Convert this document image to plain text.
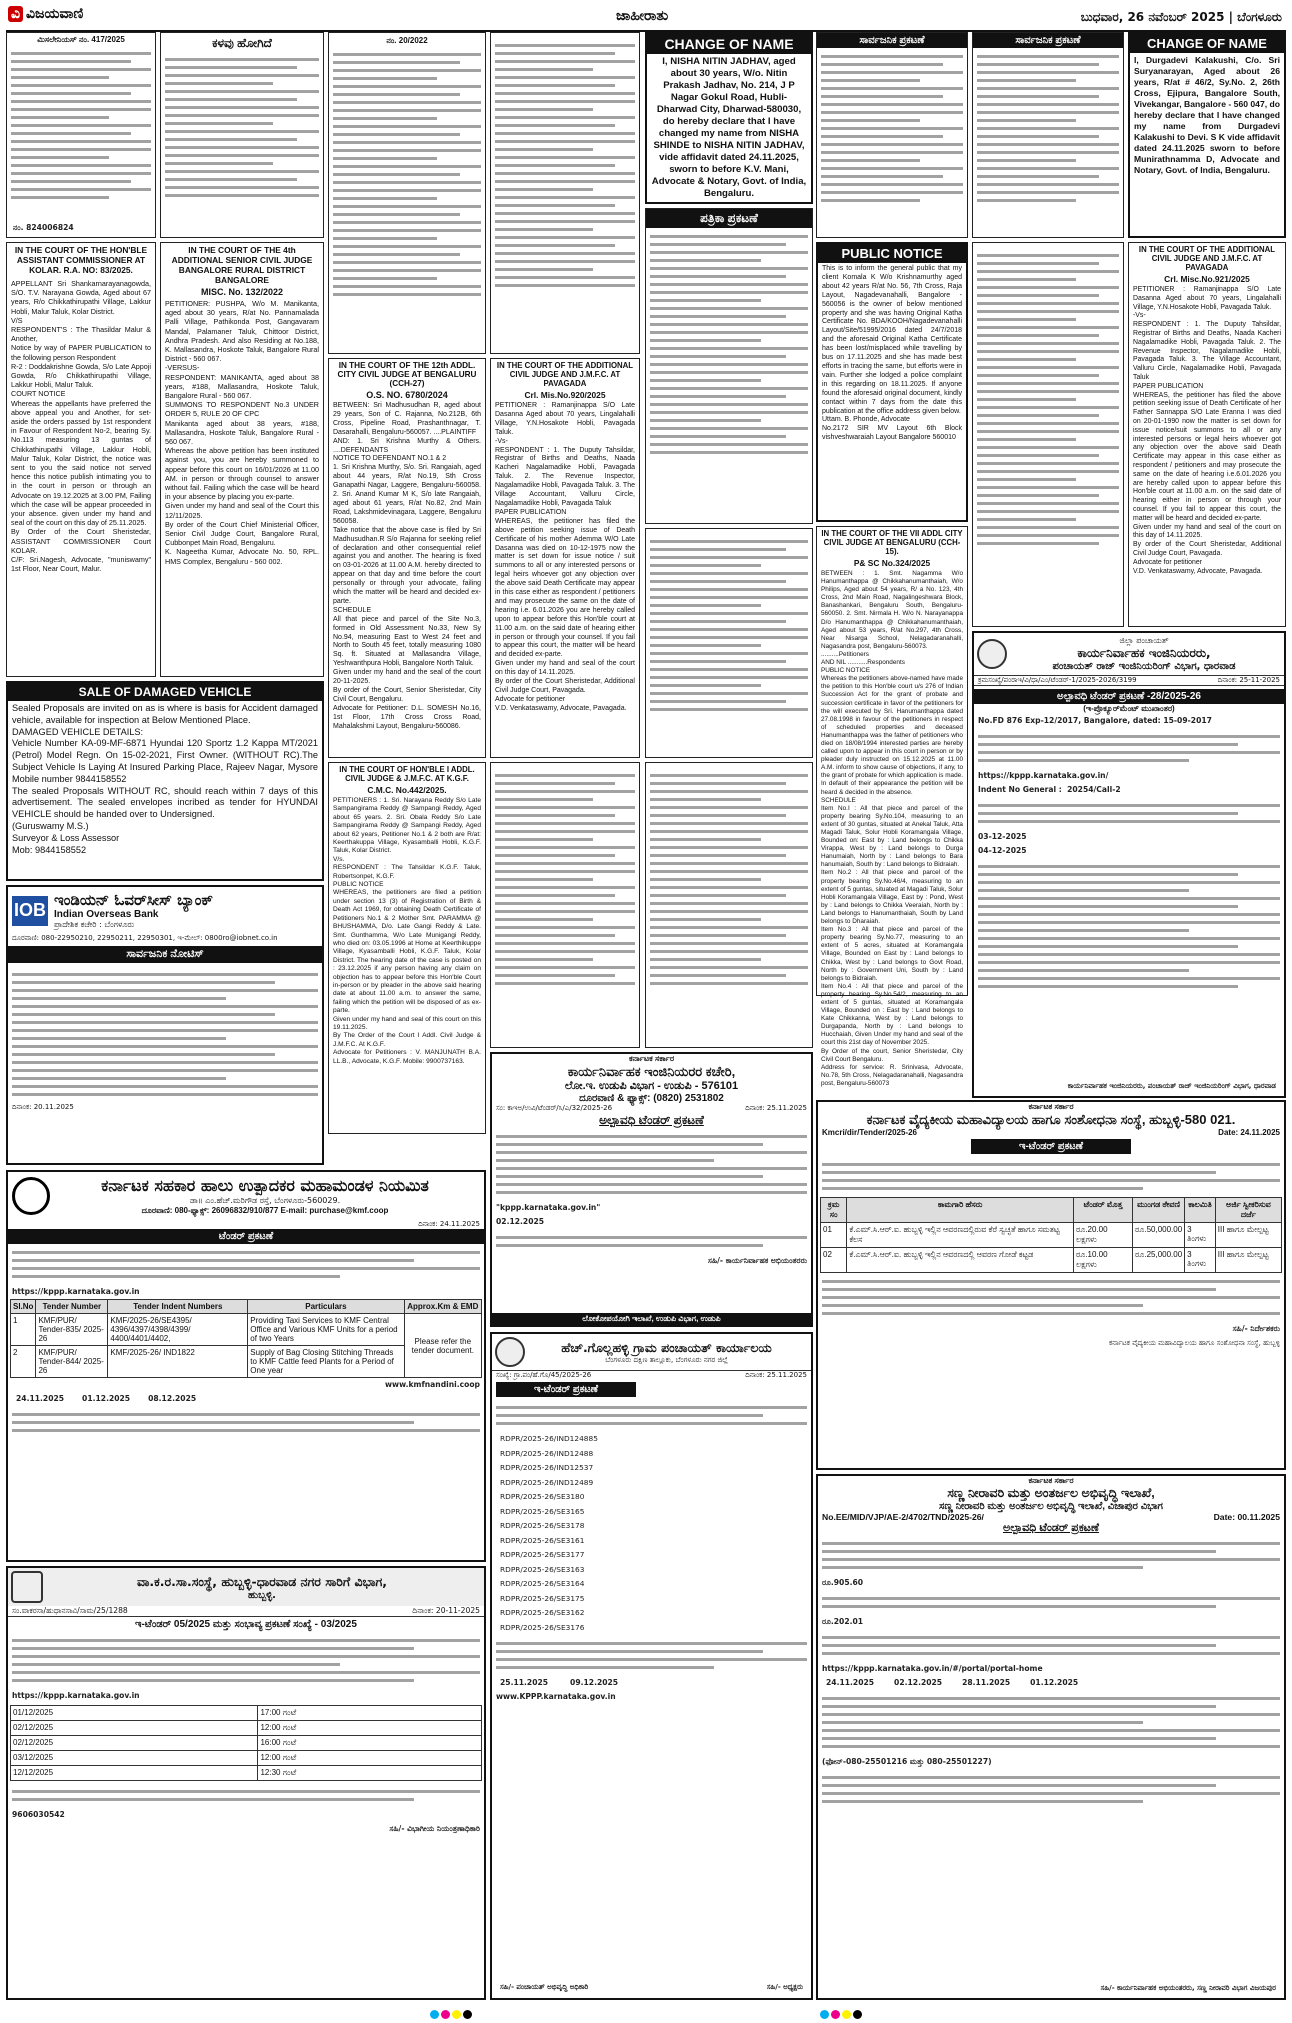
ವಿ ವಿಜಯವಾಣಿ	ಜಾಹೀರಾತು	ಬುಧವಾರ, 26 ನವೆಂಬರ್ 2025 | ಬೆಂಗಳೂರು
ಮಿಸಲೇನಿಯಸ್ ನಂ. 417/2025
ನಂ. 824006824
ಕಳವು ಹೋಗಿದೆ	ನಂ. 20/2022	CHANGE OF NAME
I, NISHA NITIN JADHAV, aged about 30 years, W/o. Nitin Prakash Jadhav, No. 214, J P Nagar Gokul Road, Hubli-Dharwad City, Dharwad-580030, do hereby declare that I have changed my name from NISHA SHINDE to NISHA NITIN JADHAV, vide affidavit dated 24.11.2025, sworn to before K.V. Mani, Advocate & Notary, Govt. of India, Bengaluru.
ಸಾರ್ವಜನಿಕ ಪ್ರಕಟಣೆ	ಸಾರ್ವಜನಿಕ ಪ್ರಕಟಣೆ	CHANGE OF NAME
I, Durgadevi Kalakushi, C/o. Sri Suryanarayan, Aged about 26 years, R/at # 46/2, Sy.No. 2, 26th Cross, Ejipura, Bangalore South, Vivekangar, Bangalore - 560 047, do hereby declare that I have changed my name from Durgadevi Kalakushi to Devi. S K vide affidavit dated 24.11.2025 sworn to before Munirathnamma D, Advocate and Notary, Govt. of India, Bengaluru.
IN THE COURT OF THE HON'BLE ASSISTANT COMMISSIONER AT KOLAR. R.A. NO: 83/2025.
APPELLANT Sri Shankarnarayanagowda, S/O. T.V. Narayana Gowda, Aged about 67 years, R/o Chikkathirupathi Village, Lakkur Hobli, Malur Taluk, Kolar District.
V/S
RESPONDENT'S : The Thasildar Malur & Another,
Notice by way of PAPER PUBLICATION to the following person Respondent
R-2 : Doddakrishne Gowda, S/o Late Appoji Gowda, R/o Chikkathirupathi Village, Lakkur Hobli, Malur Taluk.
COURT NOTICE
Whereas the appellants have preferred the above appeal you and Another, for set-aside the orders passed by 1st respondent in Favour of Respondent No-2, bearing Sy. No.113 measuring 13 guntas of Chikkathirupathi Village, Lakkur Hobli, Malur Taluk, Kolar District, the notice was sent to you the said notice not served hence this notice publish intimating you to in the court in person or through an Advocate on 19.12.2025 at 3.00 PM, Failing which the case will be appear proceeded in your absence. given under my hand and seal of the court on this day of 25.11.2025.
By Order of the Court Sheristedar, ASSISTANT COMMISSIONER Court KOLAR.
C/F: Sri.Nagesh, Advocate, "muniswamy" 1st Floor, Near Court, Malur.
IN THE COURT OF THE 4th ADDITIONAL SENIOR CIVIL JUDGE BANGALORE RURAL DISTRICT BANGALORE
MISC. No. 132/2022
PETITIONER: PUSHPA, W/o M. Manikanta, aged about 30 years, R/at No. Pannamalada Palli Village, Pathikonda Post, Gangavaram Mandal, Palamaner Taluk, Chittoor District, Andhra Pradesh. And also Residing at No.188, K. Mallasandra, Hoskote Taluk, Bangalore Rural District - 560 067.
-VERSUS-
RESPONDENT: MANIKANTA, aged about 38 years, #188, Mallasandra, Hoskote Taluk, Bangalore Rural - 560 067.
SUMMONS TO RESPONDENT No.3 UNDER ORDER 5, RULE 20 OF CPC
Manikanta aged about 38 years, #188, Mallasandra, Hoskote Taluk, Bangalore Rural - 560 067.
Whereas the above petition has been instituted against you, you are hereby summoned to appear before this court on 16/01/2026 at 11.00 AM. in person or through counsel to answer without fail. Failing which the case will be heard in your absence by placing you ex-parte.
Given under my hand and seal of the Court this 12/11/2025.
By order of the Court Chief Ministerial Officer, Senior Civil Judge Court, Bangalore Rural, Cubbonpet Main Road, Bengaluru.
K. Nageetha Kumar, Advocate No. 50, RPL. HMS Complex, Bengaluru - 560 002.
IN THE COURT OF THE 12th ADDL. CITY CIVIL JUDGE AT BENGALURU (CCH-27)
O.S. NO. 6780/2024
BETWEEN: Sri Madhusudhan R, aged about 29 years, Son of C. Rajanna, No.212B, 6th Cross, Pipeline Road, Prashanthnagar, T. Dasarahalli, Bengaluru-560057. ....PLAINTIFF
AND: 1. Sri Krishna Murthy & Others. ....DEFENDANTS
NOTICE TO DEFENDANT NO.1 & 2
1. Sri Krishna Murthy, S/o. Sri. Rangaiah, aged about 44 years, R/at No.19, Sth Cross Ganapathi Nagar, Laggere, Bengaluru-560058. 2. Sri. Anand Kumar M K, S/o late Rangaiah, aged about 61 years, R/at No.82, 2nd Main Road, Lakshmidevinagara, Laggere, Bengaluru 560058.
Take notice that the above case is filed by Sri Madhusudhan.R S/o Rajanna for seeking relief of declaration and other consequential relief against you and another. The hearing is fixed on 03-01-2026 at 11.00 A.M. hereby directed to appear on that day and time before the court personally or through your advocate, failing which the matter will be heard and decided ex-parte.
SCHEDULE
All that piece and parcel of the Site No.3, formed in Old Assessment No.33, New Sy No.94, measuring East to West 24 feet and North to South 45 feet, totally measuring 1080 Sq. ft. Situated at Mallasandra Village, Yeshwanthpura Hobli, Bangalore North Taluk.
Given under my hand and the seal of the court 20-11-2025.
By order of the Court, Senior Sheristedar, City Civil Court, Bengaluru.
Advocate for Petitioner: D.L. SOMESH No.16, 1st Floor, 17th Cross Cross Road, Mahalakshmi Layout, Bengaluru-560086.
IN THE COURT OF THE ADDITIONAL CIVIL JUDGE AND J.M.F.C. AT PAVAGADA
Crl. Mis.No.920/2025
PETITIONER : Ramanjinappa S/O Late Dasanna Aged about 70 years, Lingalahalli Village, Y.N.Hosakote Hobli, Pavagada Taluk.
-Vs-
RESPONDENT : 1. The Duputy Tahsildar, Registrar of Births and Deaths, Naada Kacheri Nagalamadike Hobli, Pavagada Taluk. 2. The Revenue Inspector, Nagalamadike Hobli, Pavagada Taluk. 3. The Village Accountant, Valluru Circle, Nagalamadike Hobli, Pavagada Taluk
PAPER PUBLICATION
WHEREAS, the petitioner has filed the above petition seeking issue of Death Certificate of his mother Ademma W/O Late Dasanna was died on 10-12-1975 now the matter is set down for issue notice / suit summons to all or any interested persons or legal heirs whoever got any objection over the above said Death Certificate may appear in this case either as respondent / petitioners and may prosecute the same on the date of hearing i.e. 6.01.2026 you are hereby called upon to appear before this Hon'ble court at 11.00 a.m. on the said date of hearing either in person or through your counsel. If you fail to appear this court, the matter will be heard and decided ex-parte.
Given under my hand and seal of the court on this day of 14.11.2025.
By order of the Court Sheristedar, Additional Civil Judge Court, Pavagada.
Advocate for petitioner
V.D. Venkataswamy, Advocate, Pavagada.
ಪತ್ರಿಕಾ ಪ್ರಕಟಣೆ
PUBLIC NOTICE
This is to inform the general public that my client Komala K W/o Krishnamurthy aged about 42 years R/at No. 56, 7th Cross, Raja Layout, Nagadevanahalli, Bangalore - 560056 is the owner of below mentioned property and she was having Original Katha Certificate No. BDA/KOOH/Nagadevanahalli Layout/Site/51995/2016 dated 24/7/2018 and the aforesaid Original Katha Certificate has been lost/misplaced while travelling by bus on 17.11.2025 and she has made best efforts in tracing the same, but efforts were in vain. Further she lodged a police complaint in this regarding on 18.11.2025. If anyone found the aforesaid original document, kindly contact within 7 days from the date this publication at the office address given below.
Uttam. B. Phonde, Advocate
No.2172 SIR MV Layout 6th Block vishveshwaraiah Layout Bangalore 560010
IN THE COURT OF THE ADDITIONAL CIVIL JUDGE AND J.M.F.C. AT PAVAGADA
Crl. Misc.No.921/2025
PETITIONER : Ramanjinappa S/O Late Dasanna Aged about 70 years, Lingalahalli Village, Y.N.Hosakote Hobli, Pavagada Taluk.
-Vs-
RESPONDENT : 1. The Duputy Tahsildar, Registrar of Births and Deaths, Naada Kacheri Nagalamadike Hobli, Pavagada Taluk. 2. The Revenue Inspector, Nagalamadike Hobli, Pavagada Taluk. 3. The Village Accountant, Valluru Circle, Nagalamadike Hobli, Pavagada Taluk
PAPER PUBLICATION
WHEREAS, the petitioner has filed the above petition seeking issue of Death Certificate of her Father Sannappa S/O Late Eranna I was died on 20-01-1990 now the matter is set down for issue notice/suit summons to all or any interested persons or legal heirs whoever got any objection over the above said Death Certificate may appear in this case either as respondent / petitioners and may prosecute the same on the date of hearing i.e.6.01.2026 you are hereby called upon to appear before this Hon'ble court at 11.00 a.m. on the said date of hearing either in person or through your counsel. If you fail to appear this court, the matter will be heard and decided ex-parte.
Given under my hand and seal of the court on this day of 14.11.2025.
By order of the Court Sheristedar, Additional Civil Judge Court, Pavagada.
Advocate for petitioner
V.D. Venkataswamy, Advocate, Pavagada.
IN THE COURT OF THE VII ADDL CITY CIVIL JUDGE AT BENGALURU (CCH-15).
P& SC No.324/2025
BETWEEN : 1. Smt. Nagamma W/o Hanumanthappa @ Chikkahanumanthaiah, W/o Philips, Aged about 54 years, R/ a No. 123, 4th Cross, 2nd Main Road, Nagalingeshwara Block, Banashankari, Bengaluru South, Bengaluru-560050. 2. Smt. Nirmala H. W/o N. Narayanappa D/o Hanumanthappa @ Chikkahanumanthaiah, Aged about 53 years, R/at No.297, 4th Cross, Near Nisarga School, Nelagadaranahalli, Nagasandra post, Bengaluru-560073.
..........Petitioners
AND NIL ...........Respondents
PUBLIC NOTICE
Whereas the petitioners above-named have made the petition to this Hon'ble court u/s 276 of Indian Succession Act for the grant of probate and succession certificate in favor of the petitioners for the will executed by Sri. Hanumanthappa dated 27.08.1998 in favour of the petitioners in respect of scheduled properties and deceased Hanumanthappa was the father of petitioners who died on 18/08/1994 interested parties are hereby called upon to appear in this court in person or by pleader duly instructed on 15.12.2025 at 11.00 A.M. inform to show cause of objections, if any, to the grant of probate for which application is made. In default of their appearance the petition will be heard & decided in the absence.
SCHEDULE
Item No.I : All that piece and parcel of the property bearing Sy.No.104, measuring to an extent of 30 guntas, situated at Anekal Taluk, Atta Magadi Taluk, Solur Hobli Koramangala Village, Bounded on: East by : Land belongs to Chikka Virappa, West by : Land belongs to Durga Hanumaiah, North by : Land belongs to Bara hanumaiah, South by : Land belongs to Bidraiah.
Item No.2 : All that piece and parcel of the property bearing Sy.No.46/4, measuring to an extent of 5 guntas, situated at Magadi Taluk, Solur Hobli Koramangala Village, East by : Pond, West by : Land belongs to Chikka Veeraiah, North by : Land belongs to Hanumanthaiah, South by Land belongs to Dharaiah.
Item No.3 : All that piece and parcel of the property bearing Sy.No.77, measuring to an extent of 5 acres, situated at Koramangala Village, Bounded on East by : Land belongs to Chikka, West by : Land belongs to Govt Road, North by : Government Uni, South by : Land belongs to Bidraiah.
Item No.4 : All that piece and parcel of the property bearing Sy.No.54/2, measuring to an extent of 5 guntas, situated at Koramangala Village, Bounded on : East by : Land belongs to Kate Chikkanna, West by : Land belongs to Durgapanda, North by : Land belongs to Hucchaiah, Given Under my hand and seal of the court this 21st day of November 2025.
By Order of the court, Senior Sheristedar, City Civil Court Bengaluru.
Address for service: R. Srinivasa, Advocate, No.78, 5th Cross, Nelagadaranahalli, Nagasandra post, Bengaluru-560073
SALE OF DAMAGED VEHICLE
Sealed Proposals are invited on as is where is basis for Accident damaged vehicle, available for inspection at Below Mentioned Place.
DAMAGED VEHICLE DETAILS:
Vehicle Number KA-09-MF-6871 Hyundai 120 Sportz 1.2 Kappa MT/2021 (Petrol) Model Regn. On 15-02-2021, First Owner. (WITHOUT RC).The Subject Vehicle Is Laying At Insured Parking Place, Rajeev Nagar, Mysore Mobile number 9844158552
The sealed Proposals WITHOUT RC, should reach within 7 days of this advertisement. The sealed envelopes incribed as tender for HYUNDAI VEHICLE should be handed over to Undersigned.
(Guruswamy M.S.)
Surveyor & Loss Assessor
Mob: 9844158552
IN THE COURT OF HON'BLE I ADDL. CIVIL JUDGE & J.M.F.C. AT K.G.F.
C.M.C. No.442/2025.
PETITIONERS : 1. Sri. Narayana Reddy S/o Late Sampangirama Reddy @ Sampangi Reddy, Aged about 65 years. 2. Sri. Obala Reddy S/o Late Sampangirama Reddy @ Sampangi Reddy, Aged about 62 years, Petitioner No.1 & 2 both are R/at: Keerthakuppa Village, Kyasamballi Hobli, K.G.F. Taluk, Kolar District.
V/s.
RESPONDENT : The Tahsildar K.G.F. Taluk, Robertsonpet, K.G.F.
PUBLIC NOTICE
WHEREAS, the petitioners are filed a petition under section 13 (3) of Registration of Birth & Death Act 1969, for obtaining Death Certificate of Petitioners No.1 & 2 Mother Smt. PARAMMA @ BHUSHAMMA, D/o. Late Gangi Reddy & Late. Smt. Gunthamma, W/o Late Munigangi Reddy, who died on: 03.05.1996 at Home at Keerthikuppe Village, Kyasamballi Hobli, K.G.F. Taluk, Kolar District. The hearing date of the case is posted on : 23.12.2025 if any person having any claim on objection has to appear before this Hon'ble Court in-person or by pleader in the above said hearing date at about 11.00 a.m. to answer the same, failing which the petition will be disposed of as ex-parte.
Given under my hand and seal of this court on this 19.11.2025.
By The Order of the Court I Addl. Civil Judge & J.M.F.C. At K.G.F.
Advocate for Petitioners : V. MANJUNATH B.A. LL.B., Advocate, K.G.F. Mobile: 9900737163.
IOB ಇಂಡಿಯನ್ ಓವರ್‌ಸೀಸ್ ಬ್ಯಾಂಕ್
Indian Overseas Bank
ಪ್ರಾದೇಶಿಕ ಕಚೇರಿ : ಬೆಂಗಳೂರು
ದೂರವಾಣಿ: 080-22950210, 22950211, 22950301, ಇ-ಮೇಲ್: 0800ro@iobnet.co.in
ಸಾರ್ವಜನಿಕ ನೋಟಿಸ್
ದಿನಾಂಕ: 20.11.2025
ಜಿಲ್ಲಾ ಪಂಚಾಯತ್
ಕಾರ್ಯನಿರ್ವಾಹಕ ಇಂಜಿನಿಯರರು,
ಪಂಚಾಯತ್ ರಾಜ್ ಇಂಜಿನಿಯರಿಂಗ್ ವಿಭಾಗ, ಧಾರವಾಡ
ಕ್ರಮಸಂಖ್ಯೆ/ಪಂರಾಇ/ವಿ/ಧಾ/ಎಂ/ಟೆಂಡರ್-1/2025-2026/3199	ದಿನಾಂಕ: 25-11-2025
ಅಲ್ಪಾವಧಿ ಟೆಂಡರ್ ಪ್ರಕಟಣೆ -28/2025-26
(ಇ-ಪ್ರೊಕ್ಯೂರ್‌ಮೆಂಟ್ ಮುಖಾಂತರ)
No.FD 876 Exp-12/2017, Bangalore, dated: 15-09-2017
https://kppp.karnataka.gov.in/
Indent No General :  20254/Call-2
03-12-2025
04-12-2025
ಕಾರ್ಯನಿರ್ವಾಹಕ ಇಂಜಿನಿಯರರು, ಪಂಚಾಯತ್ ರಾಜ್ ಇಂಜಿನಿಯರಿಂಗ್ ವಿಭಾಗ, ಧಾರವಾಡ
ಕರ್ನಾಟಕ ಸರ್ಕಾರ
ಕಾರ್ಯನಿರ್ವಾಹಕ ಇಂಜಿನಿಯರರ ಕಚೇರಿ,
ಲೋ.ಇ. ಉಡುಪಿ ವಿಭಾಗ - ಉಡುಪಿ - 576101
ದೂರವಾಣಿ & ಫ್ಯಾಕ್ಸ್: (0820) 2531802
ಸಂ: ಕಾಇಅ/ಉವಿ/ಟೆಂಡರ್/ಸಿ/ಎ/32/2025-26	ದಿನಾಂಕ: 25.11.2025
ಅಲ್ಪಾವಧಿ ಟೆಂಡರ್ ಪ್ರಕಟಣೆ
"kppp.karnataka.gov.in"
02.12.2025
ಸಹಿ/- ಕಾರ್ಯನಿರ್ವಾಹಕ ಅಭಿಯಂತರರು
ಲೋಕೋಪಯೋಗಿ ಇಲಾಖೆ, ಉಡುಪಿ ವಿಭಾಗ, ಉಡುಪಿ
ಕರ್ನಾಟಕ ಸಹಕಾರ ಹಾಲು ಉತ್ಪಾದಕರ ಮಹಾಮಂಡಳ ನಿಯಮಿತ
ಡಾ॥ ಎಂ.ಹೆಚ್.ಮರಿಗೌಡ ರಸ್ತೆ, ಬೆಂಗಳೂರು-560029.
ದೂರವಾಣಿ: 080-ಫ್ಯಾಕ್ಸ್: 26096832/910/877 E-mail: purchase@kmf.coop
ದಿನಾಂಕ: 24.11.2025
ಟೆಂಡರ್ ಪ್ರಕಟಣೆ
https://kppp.karnataka.gov.in
Sl.No	Tender Number	Tender Indent Numbers	Particulars	Approx.Km & EMD
1	KMF/PUR/ Tender-835/ 2025-26	KMF/2025-26/SE4395/ 4396/4397/4398/4399/ 4400/4401/4402,	Providing Taxi Services to KMF Central Office and Various KMF Units for a period of two Years	Please refer the tender document.
2	KMF/PUR/ Tender-844/ 2025-26	KMF/2025-26/ IND1822	Supply of Bag Closing Stitching Threads to KMF Cattle feed Plants for a Period of One year	
www.kmfnandini.coop
24.11.2025	01.12.2025	08.12.2025
ಕರ್ನಾಟಕ ಸರ್ಕಾರ
ಕರ್ನಾಟಕ ವೈದ್ಯಕೀಯ ಮಹಾವಿದ್ಯಾಲಯ ಹಾಗೂ ಸಂಶೋಧನಾ ಸಂಸ್ಥೆ, ಹುಬ್ಬಳ್ಳಿ-580 021.
Kmcri/dir/Tender/2025-26	Date: 24.11.2025
ಇ-ಟೆಂಡರ್ ಪ್ರಕಟಣೆ
ಕ್ರಮ ಸಂ	ಕಾಮಗಾರಿ ಹೆಸರು	ಟೆಂಡರ್ ಮೊತ್ತ	ಮುಂಗಡ ಠೇವಣಿ	ಕಾಲಮಿತಿ	ಅರ್ಜಿ ಸ್ವೀಕರಿಸುವ ದರ್ಜೆ
01	ಕೆ.ಎಮ್.ಸಿ.ಆರ್.ಐ. ಹುಬ್ಬಳ್ಳಿ ಇಲ್ಲಿನ ಆವರಣದಲ್ಲಿರುವ ಕೆರೆ ಸ್ವಚ್ಛತೆ ಹಾಗೂ ಸಮತಟ್ಟ ಕೆಲಸ	ರೂ.20.00 ಲಕ್ಷಗಳು	ರೂ.50,000.00	3 ತಿಂಗಳು	III ಹಾಗೂ ಮೇಲ್ಪಟ್ಟ
02	ಕೆ.ಎಮ್.ಸಿ.ಆರ್.ಐ. ಹುಬ್ಬಳ್ಳಿ ಇಲ್ಲಿನ ಆವರಣದಲ್ಲಿ ಆವರಣ ಗೋಡೆ ಕಟ್ಟಡ	ರೂ.10.00 ಲಕ್ಷಗಳು	ರೂ.25,000.00	3 ತಿಂಗಳು	III ಹಾಗೂ ಮೇಲ್ಪಟ್ಟ
ಸಹಿ/- ನಿರ್ದೇಶಕರು
ಕರ್ನಾಟಕ ವೈದ್ಯಕೀಯ ಮಹಾವಿದ್ಯಾಲಯ ಹಾಗೂ ಸಂಶೋಧನಾ ಸಂಸ್ಥೆ, ಹುಬ್ಬಳ್ಳಿ
ಹೆಚ್.ಗೊಲ್ಲಹಳ್ಳಿ ಗ್ರಾಮ ಪಂಚಾಯತ್ ಕಾರ್ಯಾಲಯ
ಬೆಂಗಳೂರು ದಕ್ಷಿಣ ತಾಲ್ಲೂಕು, ಬೆಂಗಳೂರು ನಗರ ಜಿಲ್ಲೆ
ಸಂಖ್ಯೆ: ಗ್ರಾ.ಪಂ/ಹೆ.ಗೊ/45/2025-26	ದಿನಾಂಕ: 25.11.2025
ಇ-ಟೆಂಡರ್ ಪ್ರಕಟಣೆ
RDPR/2025-26/IND124885
RDPR/2025-26/IND12488
RDPR/2025-26/IND12537
RDPR/2025-26/IND12489
RDPR/2025-26/SE3180
RDPR/2025-26/SE3165
RDPR/2025-26/SE3178
RDPR/2025-26/SE3161
RDPR/2025-26/SE3177
RDPR/2025-26/SE3163
RDPR/2025-26/SE3164
RDPR/2025-26/SE3175
RDPR/2025-26/SE3162
RDPR/2025-26/SE3176
25.11.2025	09.12.2025
www.KPPP.karnataka.gov.in
ಸಹಿ/- ಪಂಚಾಯತ್ ಅಭಿವೃದ್ಧಿ ಅಧಿಕಾರಿ	ಸಹಿ/- ಅಧ್ಯಕ್ಷರು
ವಾ.ಕ.ರ.ಸಾ.ಸಂಸ್ಥೆ, ಹುಬ್ಬಳ್ಳಿ-ಧಾರವಾಡ ನಗರ ಸಾರಿಗೆ ವಿಭಾಗ,
ಹುಬ್ಬಳ್ಳಿ.
ಸಂ.ವಾಕರಸಾ/ಹುಧಾನಸಾವಿ/ಸಾಮ/25/1288	ದಿನಾಂಕ: 20-11-2025
ಇ-ಟೆಂಡರ್ 05/2025 ಮತ್ತು ಸಂಭಾವ್ಯ ಪ್ರಕಟಣೆ ಸಂಖ್ಯೆ - 03/2025
https://kppp.karnataka.gov.in
01/12/2025	17:00 ಗಂಟೆ
02/12/2025	12:00 ಗಂಟೆ
02/12/2025	16:00 ಗಂಟೆ
03/12/2025	12:00 ಗಂಟೆ
12/12/2025	12:30 ಗಂಟೆ
9606030542
ಸಹಿ/- ವಿಭಾಗೀಯ ನಿಯಂತ್ರಣಾಧಿಕಾರಿ
ಕರ್ನಾಟಕ ಸರ್ಕಾರ
ಸಣ್ಣ ನೀರಾವರಿ ಮತ್ತು ಅಂತರ್ಜಲ ಅಭಿವೃದ್ಧಿ ಇಲಾಖೆ,
ಸಣ್ಣ ನೀರಾವರಿ ಮತ್ತು ಅಂತರ್ಜಲ ಅಭಿವೃದ್ಧಿ ಇಲಾಖೆ, ವಿಜಾಪುರ ವಿಭಾಗ
No.EE/MID/VJP/AE-2/4702/TND/2025-26/	Date: 00.11.2025
ಅಲ್ಪಾವಧಿ ಟೆಂಡರ್ ಪ್ರಕಟಣೆ
ರೂ.905.60
ರೂ.202.01
https://kppp.karnataka.gov.in/#/portal/portal-home
24.11.2025	02.12.2025	28.11.2025	01.12.2025
(ಫೋನ್-080-25501216 ಮತ್ತು 080-25501227)
ಸಹಿ/- ಕಾರ್ಯನಿರ್ವಾಹಕ ಅಭಿಯಂತರರು, ಸಣ್ಣ ನೀರಾವರಿ ವಿಭಾಗ ವಿಜಯಪುರ
